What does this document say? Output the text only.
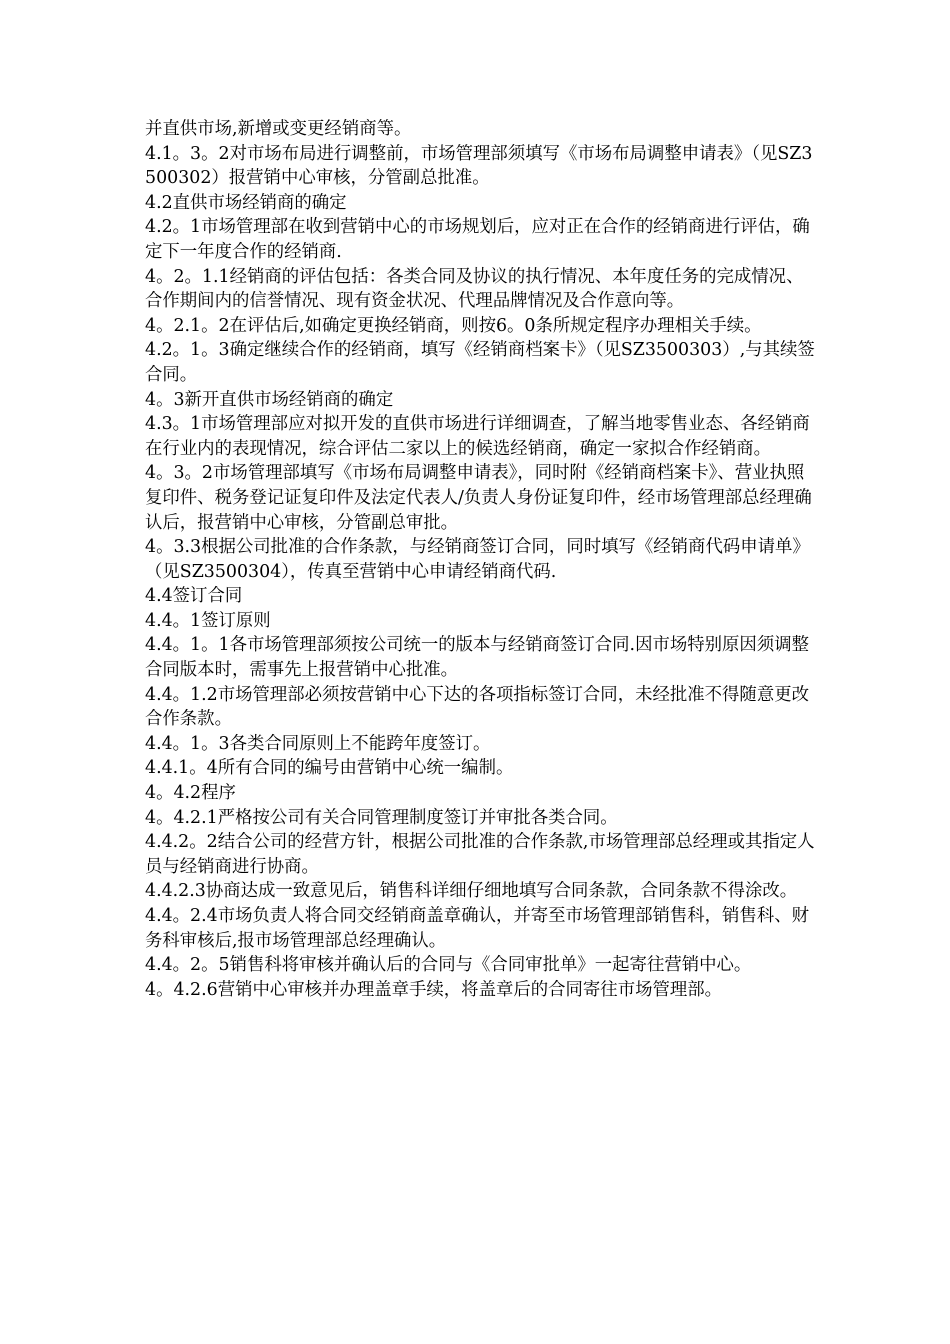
并直供市场,新增或变更经销商等。

4.1。3。2对市场布局进行调整前，市场管理部须填写《市场布局调整申请表》（见SZ3500302）报营销中心审核，分管副总批准。

4.2直供市场经销商的确定

4.2。1市场管理部在收到营销中心的市场规划后，应对正在合作的经销商进行评估，确定下一年度合作的经销商.

4。2。1.1经销商的评估包括：各类合同及协议的执行情况、本年度任务的完成情况、合作期间内的信誉情况、现有资金状况、代理品牌情况及合作意向等。

4。2.1。2在评估后,如确定更换经销商，则按6。0条所规定程序办理相关手续。

4.2。1。3确定继续合作的经销商，填写《经销商档案卡》（见SZ3500303）,与其续签合同。

4。3新开直供市场经销商的确定

4.3。1市场管理部应对拟开发的直供市场进行详细调查，了解当地零售业态、各经销商在行业内的表现情况，综合评估二家以上的候选经销商，确定一家拟合作经销商。

4。3。2市场管理部填写《市场布局调整申请表》，同时附《经销商档案卡》、营业执照复印件、税务登记证复印件及法定代表人/负责人身份证复印件，经市场管理部总经理确认后，报营销中心审核，分管副总审批。

4。3.3根据公司批准的合作条款，与经销商签订合同，同时填写《经销商代码申请单》（见SZ3500304），传真至营销中心申请经销商代码.

4.4签订合同

4.4。1签订原则

4.4。1。1各市场管理部须按公司统一的版本与经销商签订合同.因市场特别原因须调整合同版本时，需事先上报营销中心批准。

4.4。1.2市场管理部必须按营销中心下达的各项指标签订合同，未经批准不得随意更改合作条款。

4.4。1。3各类合同原则上不能跨年度签订。

4.4.1。4所有合同的编号由营销中心统一编制。

4。4.2程序

4。4.2.1严格按公司有关合同管理制度签订并审批各类合同。

4.4.2。2结合公司的经营方针，根据公司批准的合作条款,市场管理部总经理或其指定人员与经销商进行协商。

4.4.2.3协商达成一致意见后，销售科详细仔细地填写合同条款，合同条款不得涂改。

4.4。2.4市场负责人将合同交经销商盖章确认，并寄至市场管理部销售科，销售科、财务科审核后,报市场管理部总经理确认。

4.4。2。5销售科将审核并确认后的合同与《合同审批单》一起寄往营销中心。

4。4.2.6营销中心审核并办理盖章手续，将盖章后的合同寄往市场管理部。
